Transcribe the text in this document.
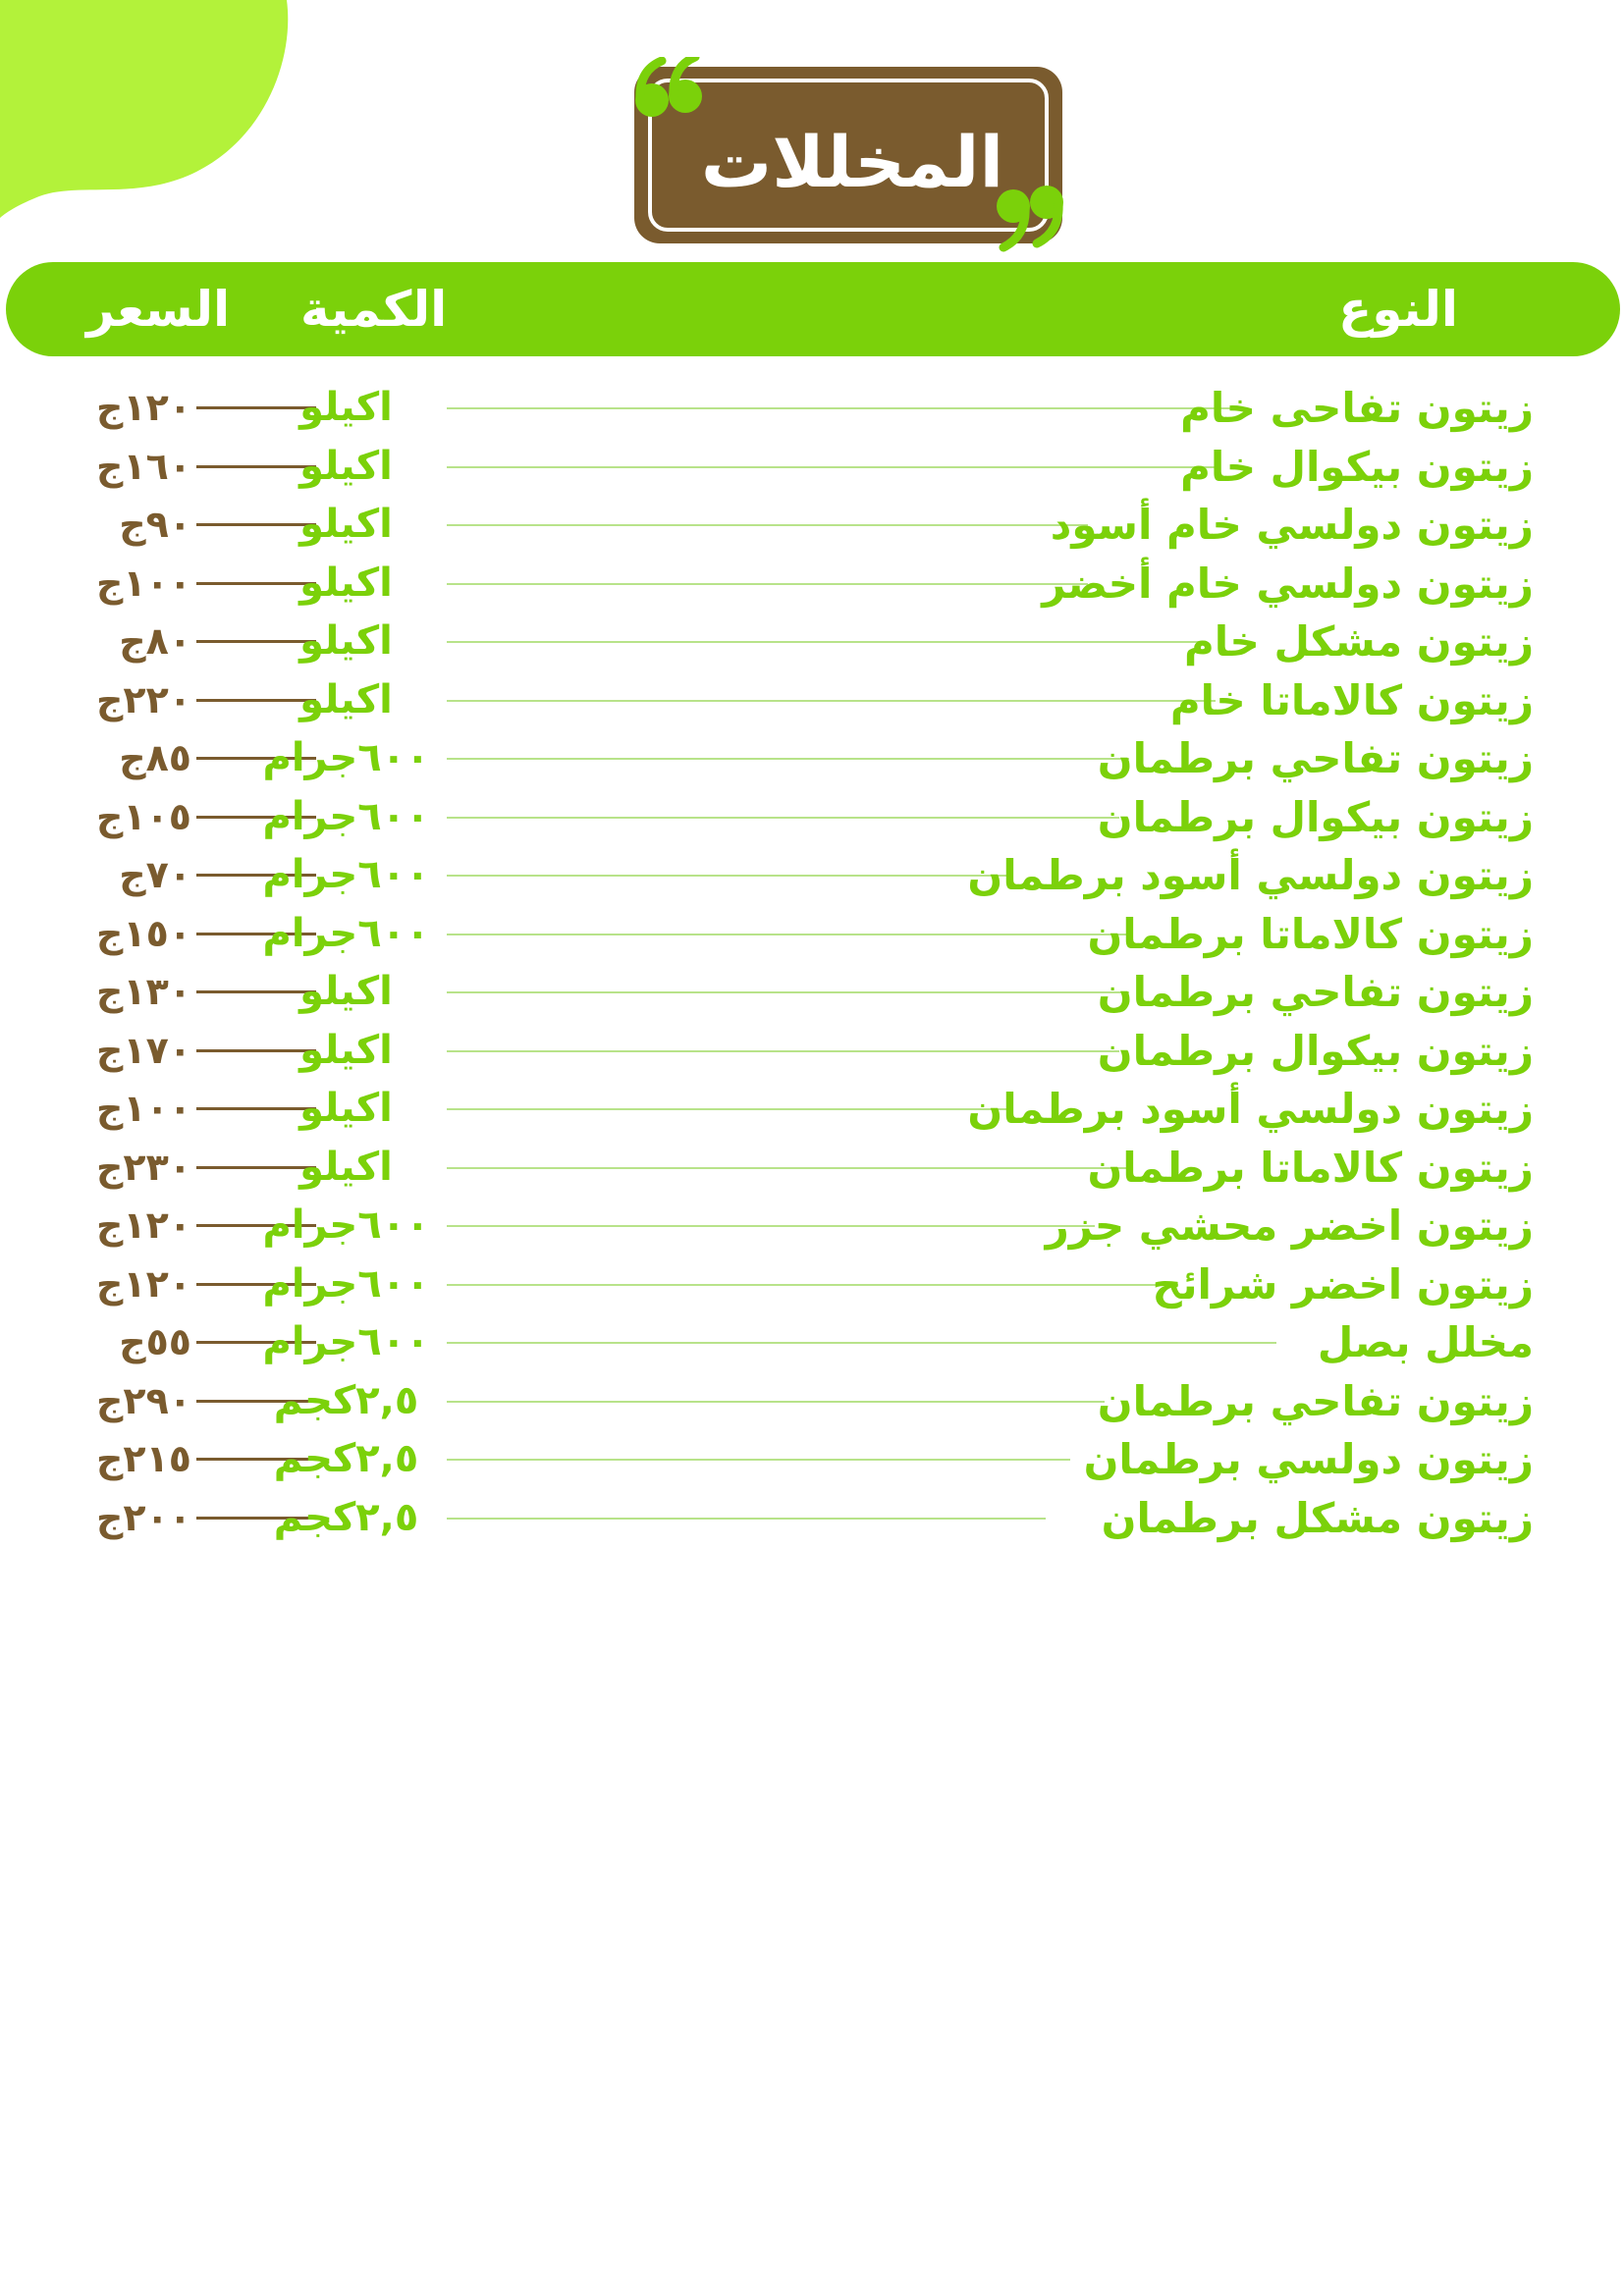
المخللات
النوع
الكمية
السعر
زيتون تفاحى خام
اكيلو
١٢٠ج
زيتون بيكوال خام
اكيلو
١٦٠ج
زيتون دولسي خام أسود
اكيلو
٩٠ج
زيتون دولسي خام أخضر
اكيلو
١٠٠ج
زيتون مشكل خام
اكيلو
٨٠ج
زيتون كالاماتا خام
اكيلو
٢٢٠ج
زيتون تفاحي برطمان
٦٠٠جرام
٨٥ج
زيتون بيكوال برطمان
٦٠٠جرام
١٠٥ج
زيتون دولسي أسود برطمان
٦٠٠جرام
٧٠ج
زيتون كالاماتا برطمان
٦٠٠جرام
١٥٠ج
زيتون تفاحي برطمان
اكيلو
١٣٠ج
زيتون بيكوال برطمان
اكيلو
١٧٠ج
زيتون دولسي أسود برطمان
اكيلو
١٠٠ج
زيتون كالاماتا برطمان
اكيلو
٢٣٠ج
زيتون اخضر محشي جزر
٦٠٠جرام
١٢٠ج
زيتون اخضر شرائح
٦٠٠جرام
١٢٠ج
مخلل بصل
٦٠٠جرام
٥٥ج
زيتون تفاحي برطمان
٢,٥كجم
٢٩٠ج
زيتون دولسي برطمان
٢,٥كجم
٢١٥ج
زيتون مشكل برطمان
٢,٥كجم
٢٠٠ج
